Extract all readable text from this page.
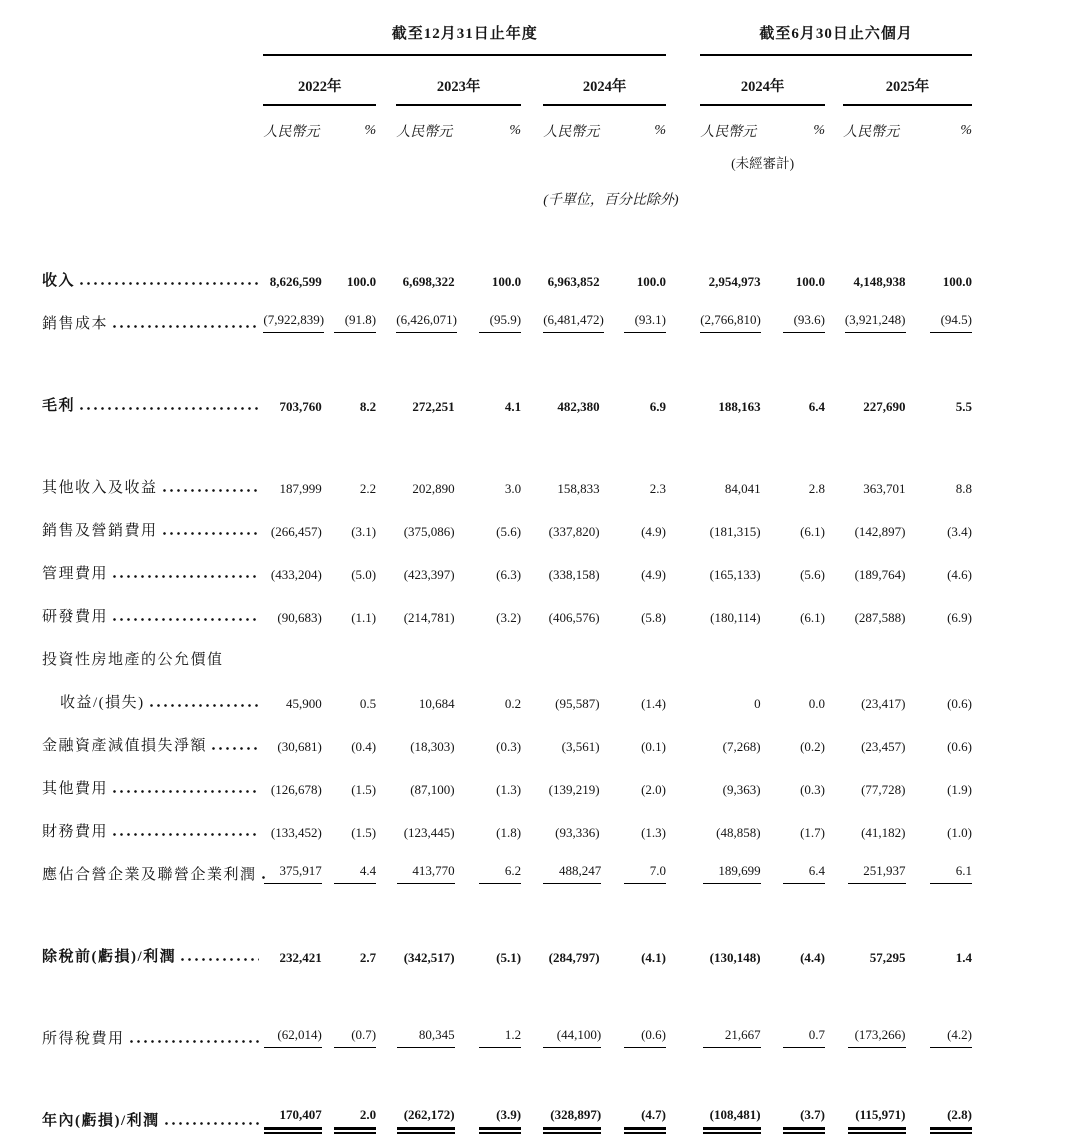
	截至12月31日止年度									截至6月30日止六個月				
	2022年			2023年			2024年			2024年			2025年	
	人民幣元	%		人民幣元	%		人民幣元	%		人民幣元	%		人民幣元	%
										(未經審計)				
							(千單位，百分比除外)							

收入	8,626,599	100.0		6,698,322	100.0		6,963,852	100.0		2,954,973	100.0		4,148,938	100.0

銷售成本	(7,922,839)	(91.8)		(6,426,071)	(95.9)		(6,481,472)	(93.1)		(2,766,810)	(93.6)		(3,921,248)	(94.5)

毛利	703,760	8.2		272,251	4.1		482,380	6.9		188,163	6.4		227,690	5.5

其他收入及收益	187,999	2.2		202,890	3.0		158,833	2.3		84,041	2.8		363,701	8.8

銷售及營銷費用	(266,457)	(3.1)		(375,086)	(5.6)		(337,820)	(4.9)		(181,315)	(6.1)		(142,897)	(3.4)

管理費用	(433,204)	(5.0)		(423,397)	(6.3)		(338,158)	(4.9)		(165,133)	(5.6)		(189,764)	(4.6)

研發費用	(90,683)	(1.1)		(214,781)	(3.2)		(406,576)	(5.8)		(180,114)	(6.1)		(287,588)	(6.9)

投資性房地產的公允價值														

收益/(損失)	45,900	0.5		10,684	0.2		(95,587)	(1.4)		0	0.0		(23,417)	(0.6)

金融資產減值損失淨額	(30,681)	(0.4)		(18,303)	(0.3)		(3,561)	(0.1)		(7,268)	(0.2)		(23,457)	(0.6)

其他費用	(126,678)	(1.5)		(87,100)	(1.3)		(139,219)	(2.0)		(9,363)	(0.3)		(77,728)	(1.9)

財務費用	(133,452)	(1.5)		(123,445)	(1.8)		(93,336)	(1.3)		(48,858)	(1.7)		(41,182)	(1.0)

應佔合營企業及聯營企業利潤	375,917	4.4		413,770	6.2		488,247	7.0		189,699	6.4		251,937	6.1

除稅前(虧損)/利潤	232,421	2.7		(342,517)	(5.1)		(284,797)	(4.1)		(130,148)	(4.4)		57,295	1.4

所得稅費用	(62,014)	(0.7)		80,345	1.2		(44,100)	(0.6)		21,667	0.7		(173,266)	(4.2)

年內(虧損)/利潤	170,407	2.0		(262,172)	(3.9)		(328,897)	(4.7)		(108,481)	(3.7)		(115,971)	(2.8)
